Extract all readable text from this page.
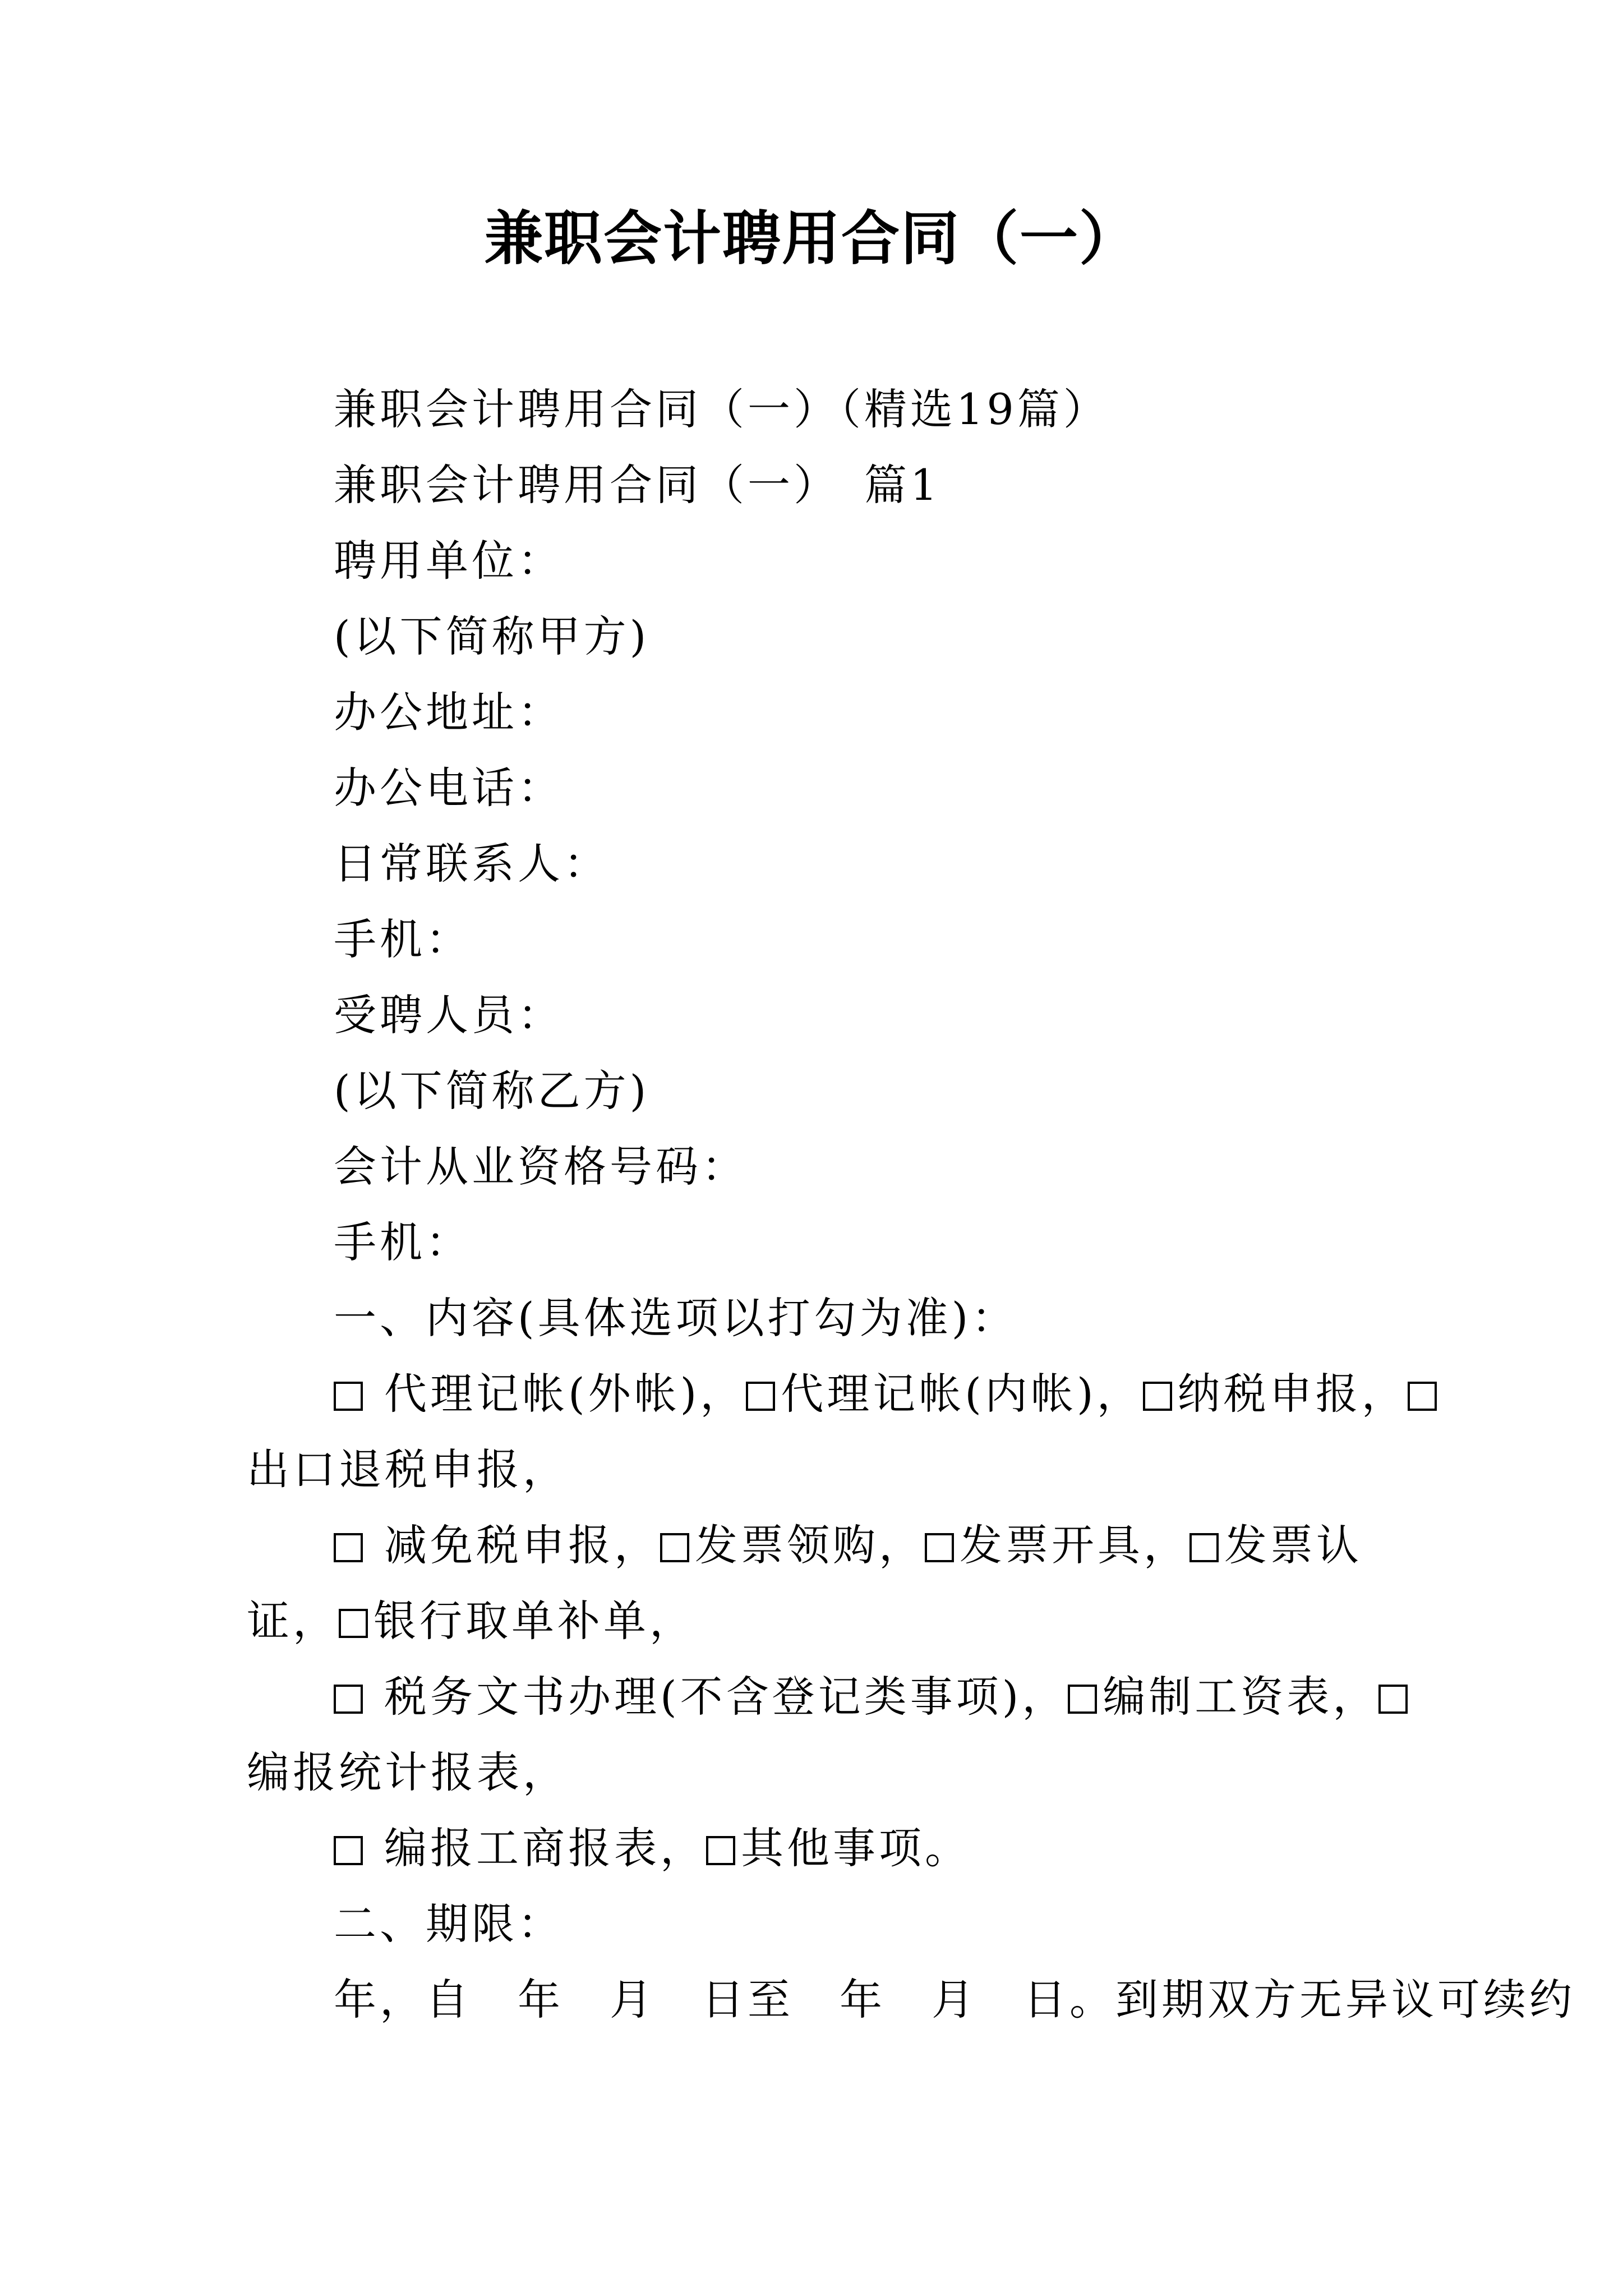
兼职会计聘用合同（一）
兼职会计聘用合同（一）（精选19篇）
兼职会计聘用合同（一）　篇1
聘用单位：
(以下简称甲方)
办公地址：
办公电话：
日常联系人：
手机：
受聘人员：
(以下简称乙方)
会计从业资格号码：
手机：
一、内容(具体选项以打勾为准)：
代理记帐(外帐)， 代理记帐(内帐)， 纳税申报，
出口退税申报，
减免税申报， 发票领购， 发票开具， 发票认
证， 银行取单补单，
税务文书办理(不含登记类事项)， 编制工资表，
编报统计报表，
编报工商报表， 其他事项。
二、期限：
年，自　年　月　日至　年　月　日。到期双方无异议可续约
